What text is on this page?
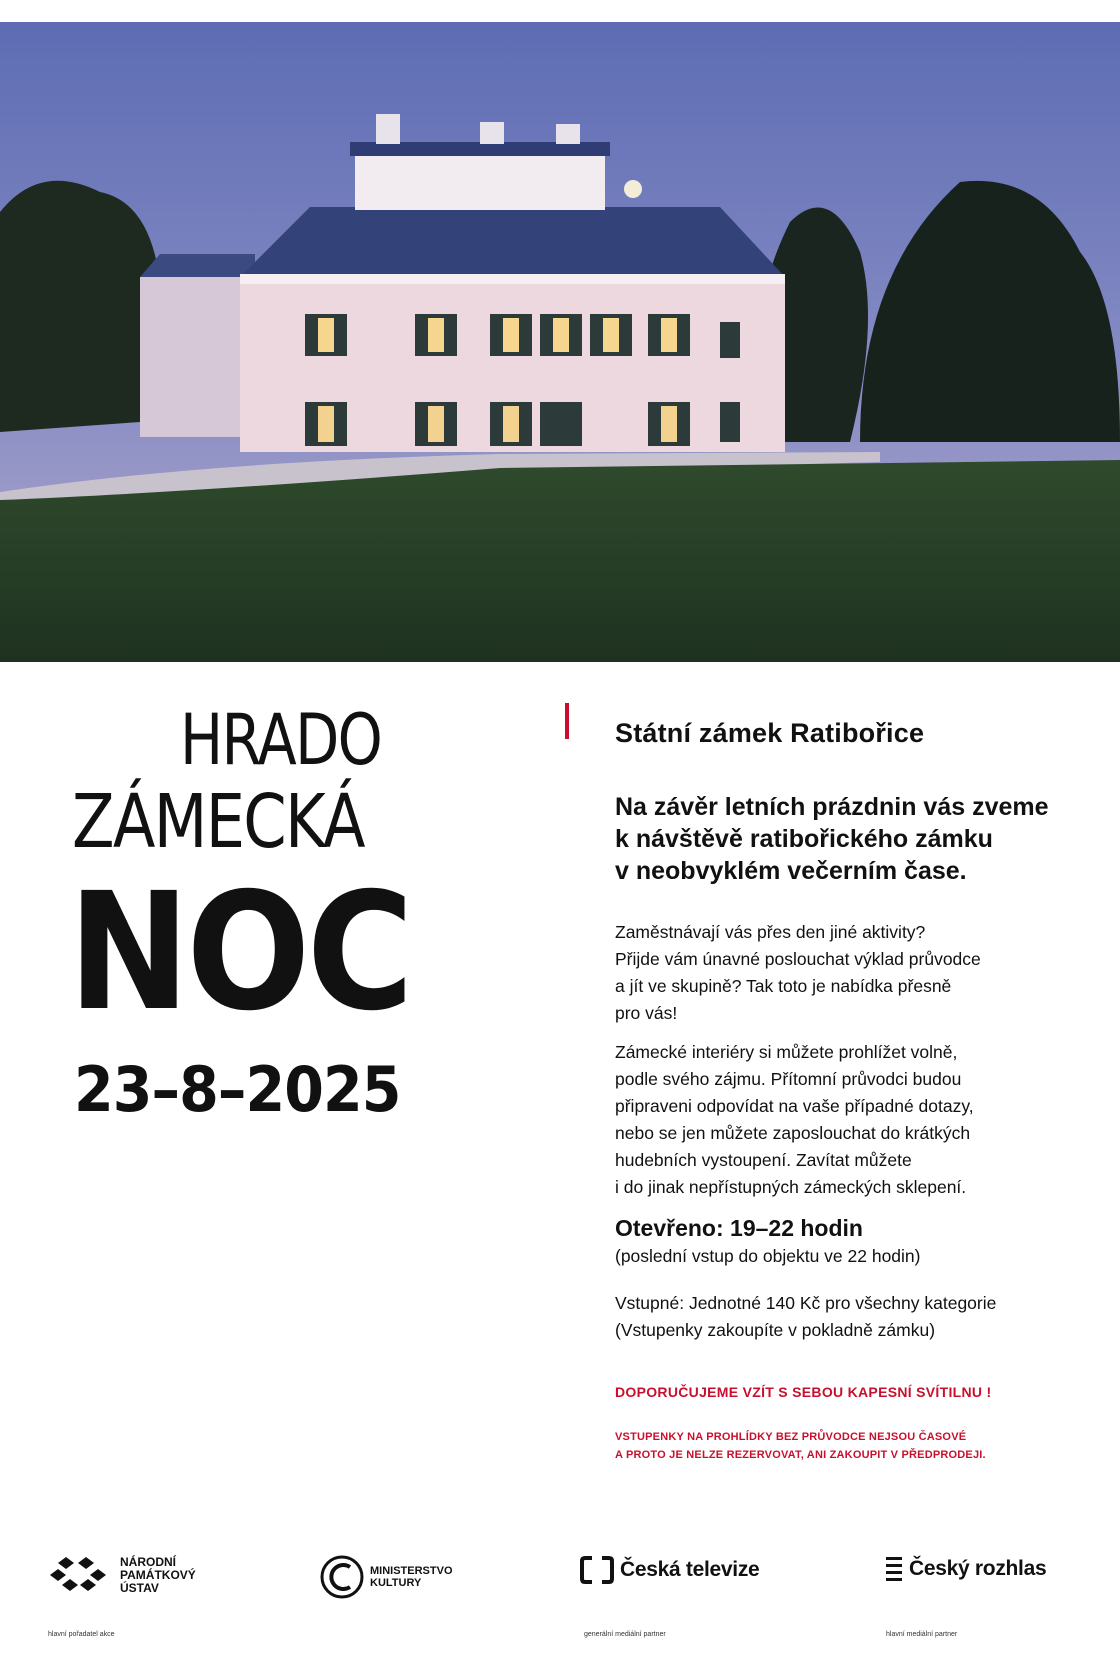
HRADO
ZÁMECKÁ
NOC
23–8–2025
Státní zámek Ratibořice
Na závěr letních prázdnin vás zveme
k návštěvě ratibořického zámku
v neobvyklém večerním čase.
Zaměstnávají vás přes den jiné aktivity?
Přijde vám únavné poslouchat výklad průvodce
a jít ve skupině? Tak toto je nabídka přesně
pro vás!
Zámecké interiéry si můžete prohlížet volně,
podle svého zájmu. Přítomní průvodci budou
připraveni odpovídat na vaše případné dotazy,
nebo se jen můžete zaposlouchat do krátkých
hudebních vystoupení. Zavítat můžete
i do jinak nepřístupných zámeckých sklepení.
Otevřeno: 19–22 hodin
(poslední vstup do objektu ve 22 hodin)
Vstupné: Jednotné 140 Kč pro všechny kategorie
(Vstupenky zakoupíte v pokladně zámku)
DOPORUČUJEME VZÍT S SEBOU KAPESNÍ SVÍTILNU !
VSTUPENKY NA PROHLÍDKY BEZ PRŮVODCE NEJSOU ČASOVÉ
A PROTO JE NELZE REZERVOVAT, ANI ZAKOUPIT V PŘEDPRODEJI.
NÁRODNÍ
PAMÁTKOVÝ
ÚSTAV
hlavní pořadatel akce
MINISTERSTVO
KULTURY
Česká televize
generální mediální partner
Český rozhlas
hlavní mediální partner
